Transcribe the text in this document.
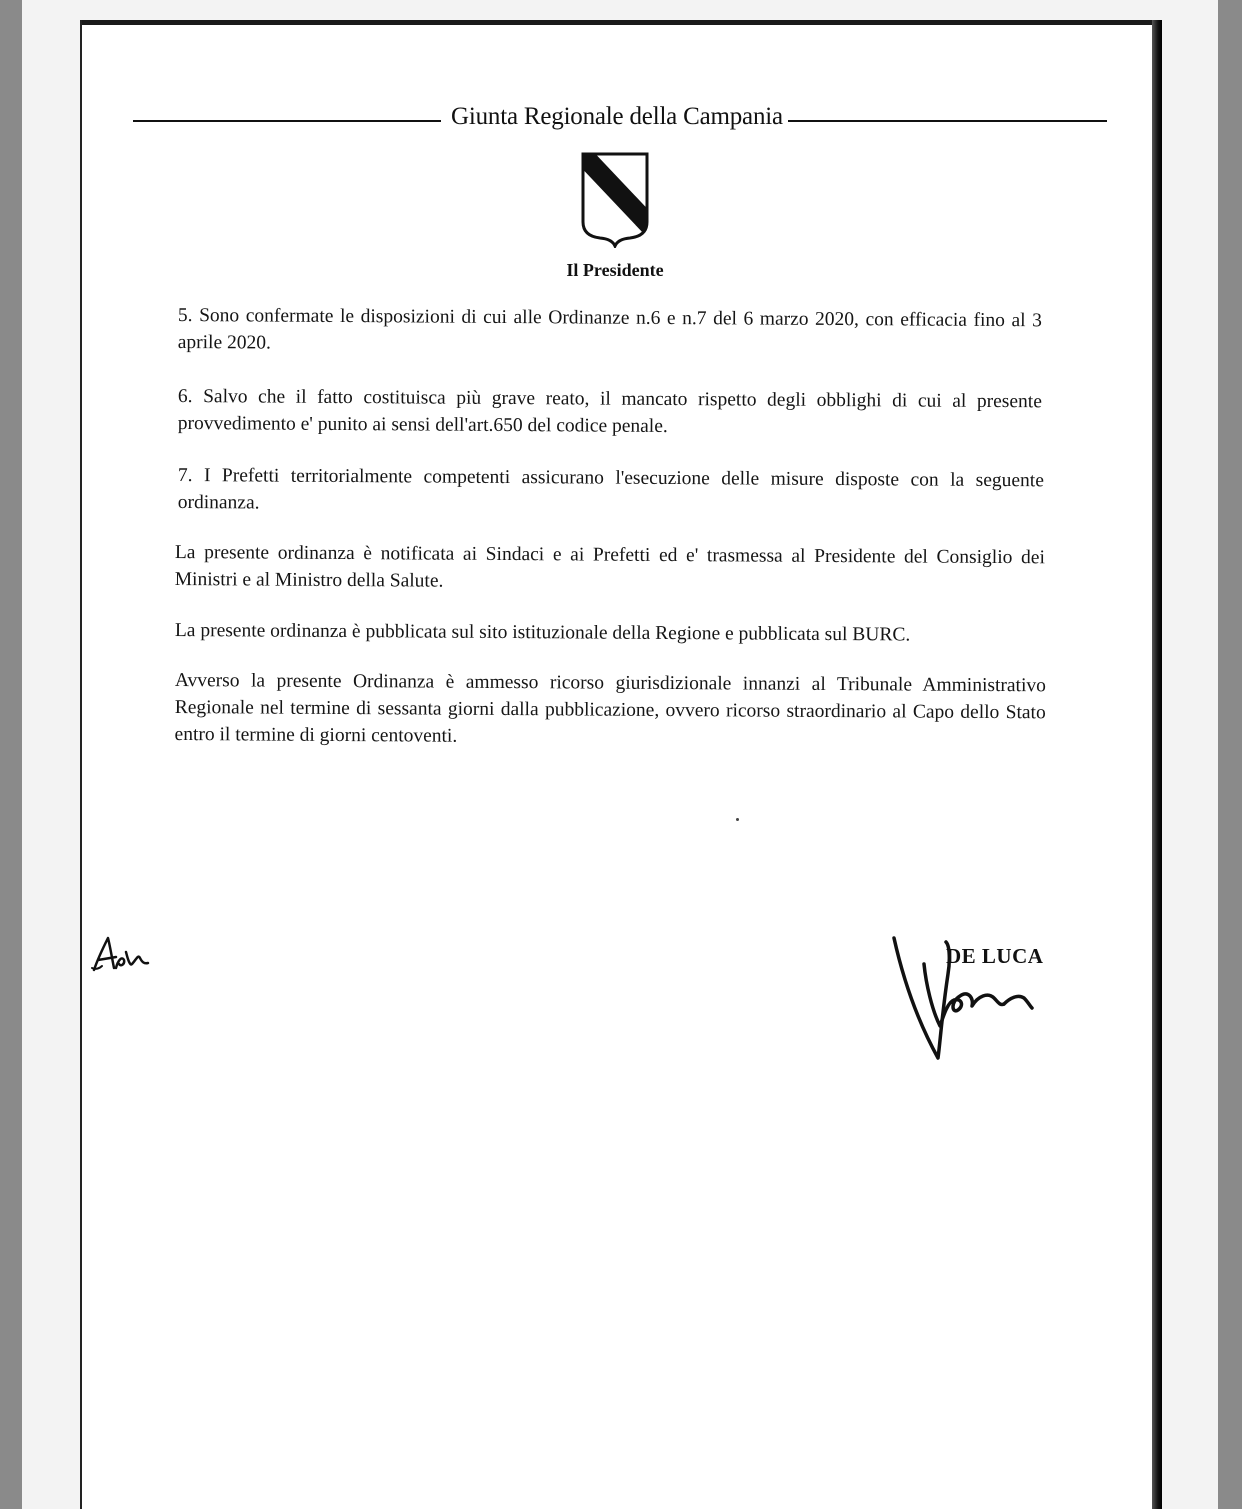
Giunta Regionale della Campania
Il Presidente
5. Sono confermate le disposizioni di cui alle Ordinanze n.6 e n.7 del 6 marzo 2020, con efficacia fino al 3 aprile 2020.
6. Salvo che il fatto costituisca più grave reato, il mancato rispetto degli obblighi di cui al presente provvedimento e' punito ai sensi dell'art.650 del codice penale.
7. I Prefetti territorialmente competenti assicurano l'esecuzione delle misure disposte con la seguente ordinanza.
La presente ordinanza è notificata ai Sindaci e ai Prefetti ed e' trasmessa al Presidente del Consiglio dei Ministri e al Ministro della Salute.
La presente ordinanza è pubblicata sul sito istituzionale della Regione e pubblicata sul BURC.
Avverso la presente Ordinanza è ammesso ricorso giurisdizionale innanzi al Tribunale Amministrativo Regionale nel termine di sessanta giorni dalla pubblicazione, ovvero ricorso straordinario al Capo dello Stato entro il termine di giorni centoventi.
DE LUCA
